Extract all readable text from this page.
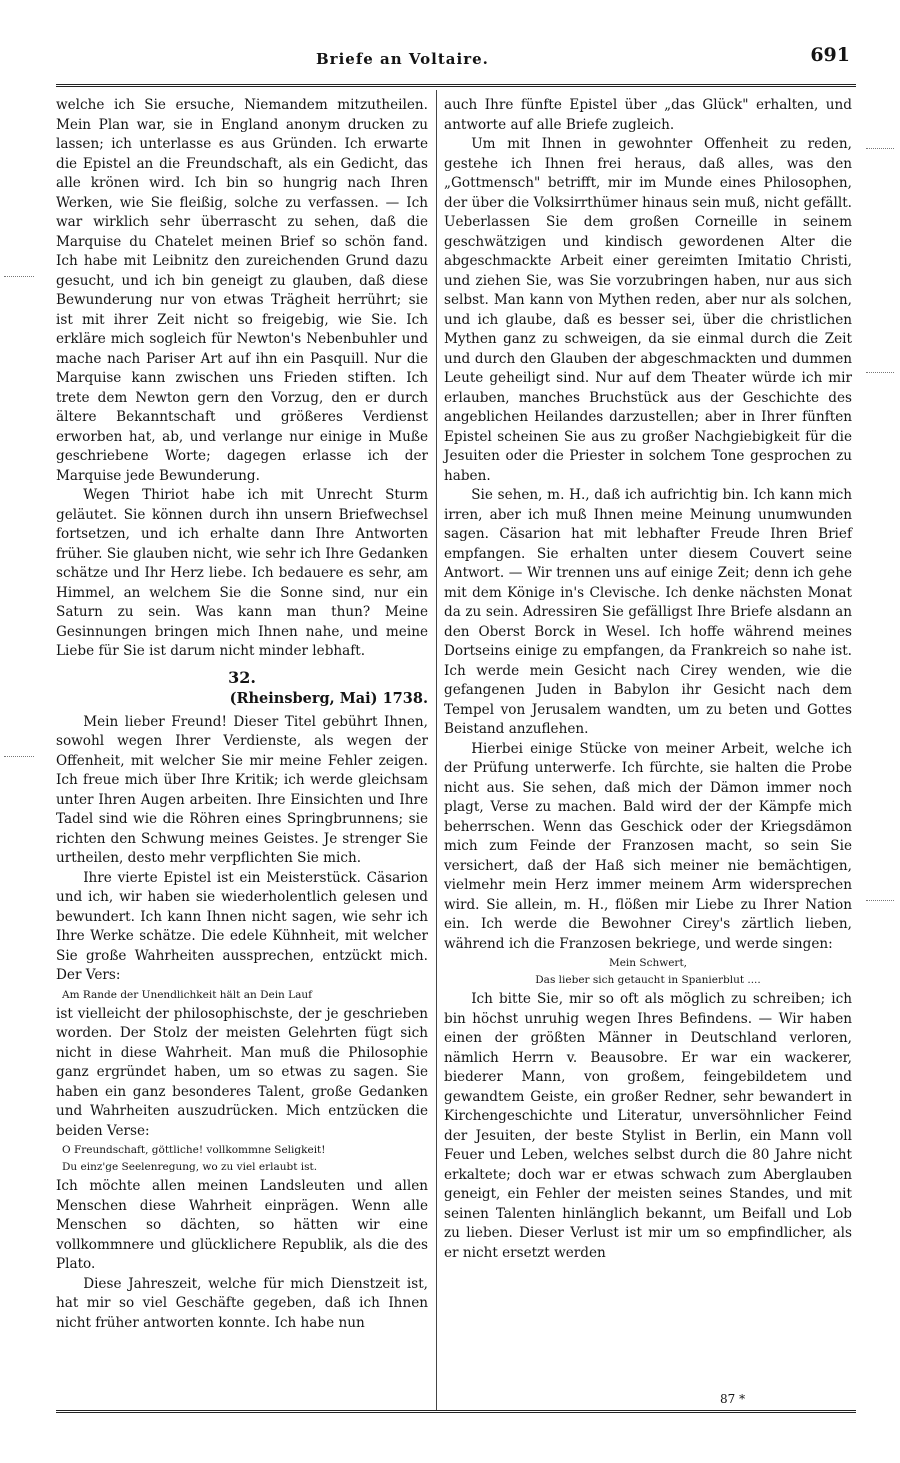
Briefe an Voltaire.	691

welche ich Sie ersuche, Niemandem mitzutheilen. Mein Plan war, sie in England anonym drucken zu lassen; ich unterlasse es aus Gründen. Ich erwarte die Epistel an die Freundschaft, als ein Gedicht, das alle krönen wird. Ich bin so hungrig nach Ihren Werken, wie Sie fleißig, solche zu verfassen. — Ich war wirklich sehr überrascht zu sehen, daß die Marquise du Chatelet meinen Brief so schön fand. Ich habe mit Leibnitz den zureichenden Grund dazu gesucht, und ich bin geneigt zu glauben, daß diese Bewunderung nur von etwas Trägheit herrührt; sie ist mit ihrer Zeit nicht so freigebig, wie Sie. Ich erkläre mich sogleich für Newton's Nebenbuhler und mache nach Pariser Art auf ihn ein Pasquill. Nur die Marquise kann zwischen uns Frieden stiften. Ich trete dem Newton gern den Vorzug, den er durch ältere Bekanntschaft und größeres Verdienst erworben hat, ab, und verlange nur einige in Muße geschriebene Worte; dagegen erlasse ich der Marquise jede Bewunderung.

Wegen Thiriot habe ich mit Unrecht Sturm geläutet. Sie können durch ihn unsern Briefwechsel fortsetzen, und ich erhalte dann Ihre Antworten früher. Sie glauben nicht, wie sehr ich Ihre Gedanken schätze und Ihr Herz liebe. Ich bedauere es sehr, am Himmel, an welchem Sie die Sonne sind, nur ein Saturn zu sein. Was kann man thun? Meine Gesinnungen bringen mich Ihnen nahe, und meine Liebe für Sie ist darum nicht minder lebhaft.

32.
(Rheinsberg, Mai) 1738.

Mein lieber Freund! Dieser Titel gebührt Ihnen, sowohl wegen Ihrer Verdienste, als wegen der Offenheit, mit welcher Sie mir meine Fehler zeigen. Ich freue mich über Ihre Kritik; ich werde gleichsam unter Ihren Augen arbeiten. Ihre Einsichten und Ihre Tadel sind wie die Röhren eines Springbrunnens; sie richten den Schwung meines Geistes. Je strenger Sie urtheilen, desto mehr verpflichten Sie mich.

Ihre vierte Epistel ist ein Meisterstück. Cäsarion und ich, wir haben sie wiederholentlich gelesen und bewundert. Ich kann Ihnen nicht sagen, wie sehr ich Ihre Werke schätze. Die edele Kühnheit, mit welcher Sie große Wahrheiten aussprechen, entzückt mich. Der Vers:

Am Rande der Unendlichkeit hält an Dein Lauf

ist vielleicht der philosophischste, der je geschrieben worden. Der Stolz der meisten Gelehrten fügt sich nicht in diese Wahrheit. Man muß die Philosophie ganz ergründet haben, um so etwas zu sagen. Sie haben ein ganz besonderes Talent, große Gedanken und Wahrheiten auszudrücken. Mich entzücken die beiden Verse:

O Freundschaft, göttliche! vollkommne Seligkeit!
Du einz'ge Seelenregung, wo zu viel erlaubt ist.

Ich möchte allen meinen Landsleuten und allen Menschen diese Wahrheit einprägen. Wenn alle Menschen so dächten, so hätten wir eine vollkommnere und glücklichere Republik, als die des Plato.

Diese Jahreszeit, welche für mich Dienstzeit ist, hat mir so viel Geschäfte gegeben, daß ich Ihnen nicht früher antworten konnte. Ich habe nun

auch Ihre fünfte Epistel über „das Glück" erhalten, und antworte auf alle Briefe zugleich.

Um mit Ihnen in gewohnter Offenheit zu reden, gestehe ich Ihnen frei heraus, daß alles, was den „Gottmensch" betrifft, mir im Munde eines Philosophen, der über die Volksirrthümer hinaus sein muß, nicht gefällt. Ueberlassen Sie dem großen Corneille in seinem geschwätzigen und kindisch gewordenen Alter die abgeschmackte Arbeit einer gereimten Imitatio Christi, und ziehen Sie, was Sie vorzubringen haben, nur aus sich selbst. Man kann von Mythen reden, aber nur als solchen, und ich glaube, daß es besser sei, über die christlichen Mythen ganz zu schweigen, da sie einmal durch die Zeit und durch den Glauben der abgeschmackten und dummen Leute geheiligt sind. Nur auf dem Theater würde ich mir erlauben, manches Bruchstück aus der Geschichte des angeblichen Heilandes darzustellen; aber in Ihrer fünften Epistel scheinen Sie aus zu großer Nachgiebigkeit für die Jesuiten oder die Priester in solchem Tone gesprochen zu haben.

Sie sehen, m. H., daß ich aufrichtig bin. Ich kann mich irren, aber ich muß Ihnen meine Meinung unumwunden sagen. Cäsarion hat mit lebhafter Freude Ihren Brief empfangen. Sie erhalten unter diesem Couvert seine Antwort. — Wir trennen uns auf einige Zeit; denn ich gehe mit dem Könige in's Clevische. Ich denke nächsten Monat da zu sein. Adressiren Sie gefälligst Ihre Briefe alsdann an den Oberst Borck in Wesel. Ich hoffe während meines Dortseins einige zu empfangen, da Frankreich so nahe ist. Ich werde mein Gesicht nach Cirey wenden, wie die gefangenen Juden in Babylon ihr Gesicht nach dem Tempel von Jerusalem wandten, um zu beten und Gottes Beistand anzuflehen.

Hierbei einige Stücke von meiner Arbeit, welche ich der Prüfung unterwerfe. Ich fürchte, sie halten die Probe nicht aus. Sie sehen, daß mich der Dämon immer noch plagt, Verse zu machen. Bald wird der der Kämpfe mich beherrschen. Wenn das Geschick oder der Kriegsdämon mich zum Feinde der Franzosen macht, so sein Sie versichert, daß der Haß sich meiner nie bemächtigen, vielmehr mein Herz immer meinem Arm widersprechen wird. Sie allein, m. H., flößen mir Liebe zu Ihrer Nation ein. Ich werde die Bewohner Cirey's zärtlich lieben, während ich die Franzosen bekriege, und werde singen:

Mein Schwert,
Das lieber sich getaucht in Spanierblut ....

Ich bitte Sie, mir so oft als möglich zu schreiben; ich bin höchst unruhig wegen Ihres Befindens. — Wir haben einen der größten Männer in Deutschland verloren, nämlich Herrn v. Beausobre. Er war ein wackerer, biederer Mann, von großem, feingebildetem und gewandtem Geiste, ein großer Redner, sehr bewandert in Kirchengeschichte und Literatur, unversöhnlicher Feind der Jesuiten, der beste Stylist in Berlin, ein Mann voll Feuer und Leben, welches selbst durch die 80 Jahre nicht erkaltete; doch war er etwas schwach zum Aberglauben geneigt, ein Fehler der meisten seines Standes, und mit seinen Talenten hinlänglich bekannt, um Beifall und Lob zu lieben. Dieser Verlust ist mir um so empfindlicher, als er nicht ersetzt werden

87 *
